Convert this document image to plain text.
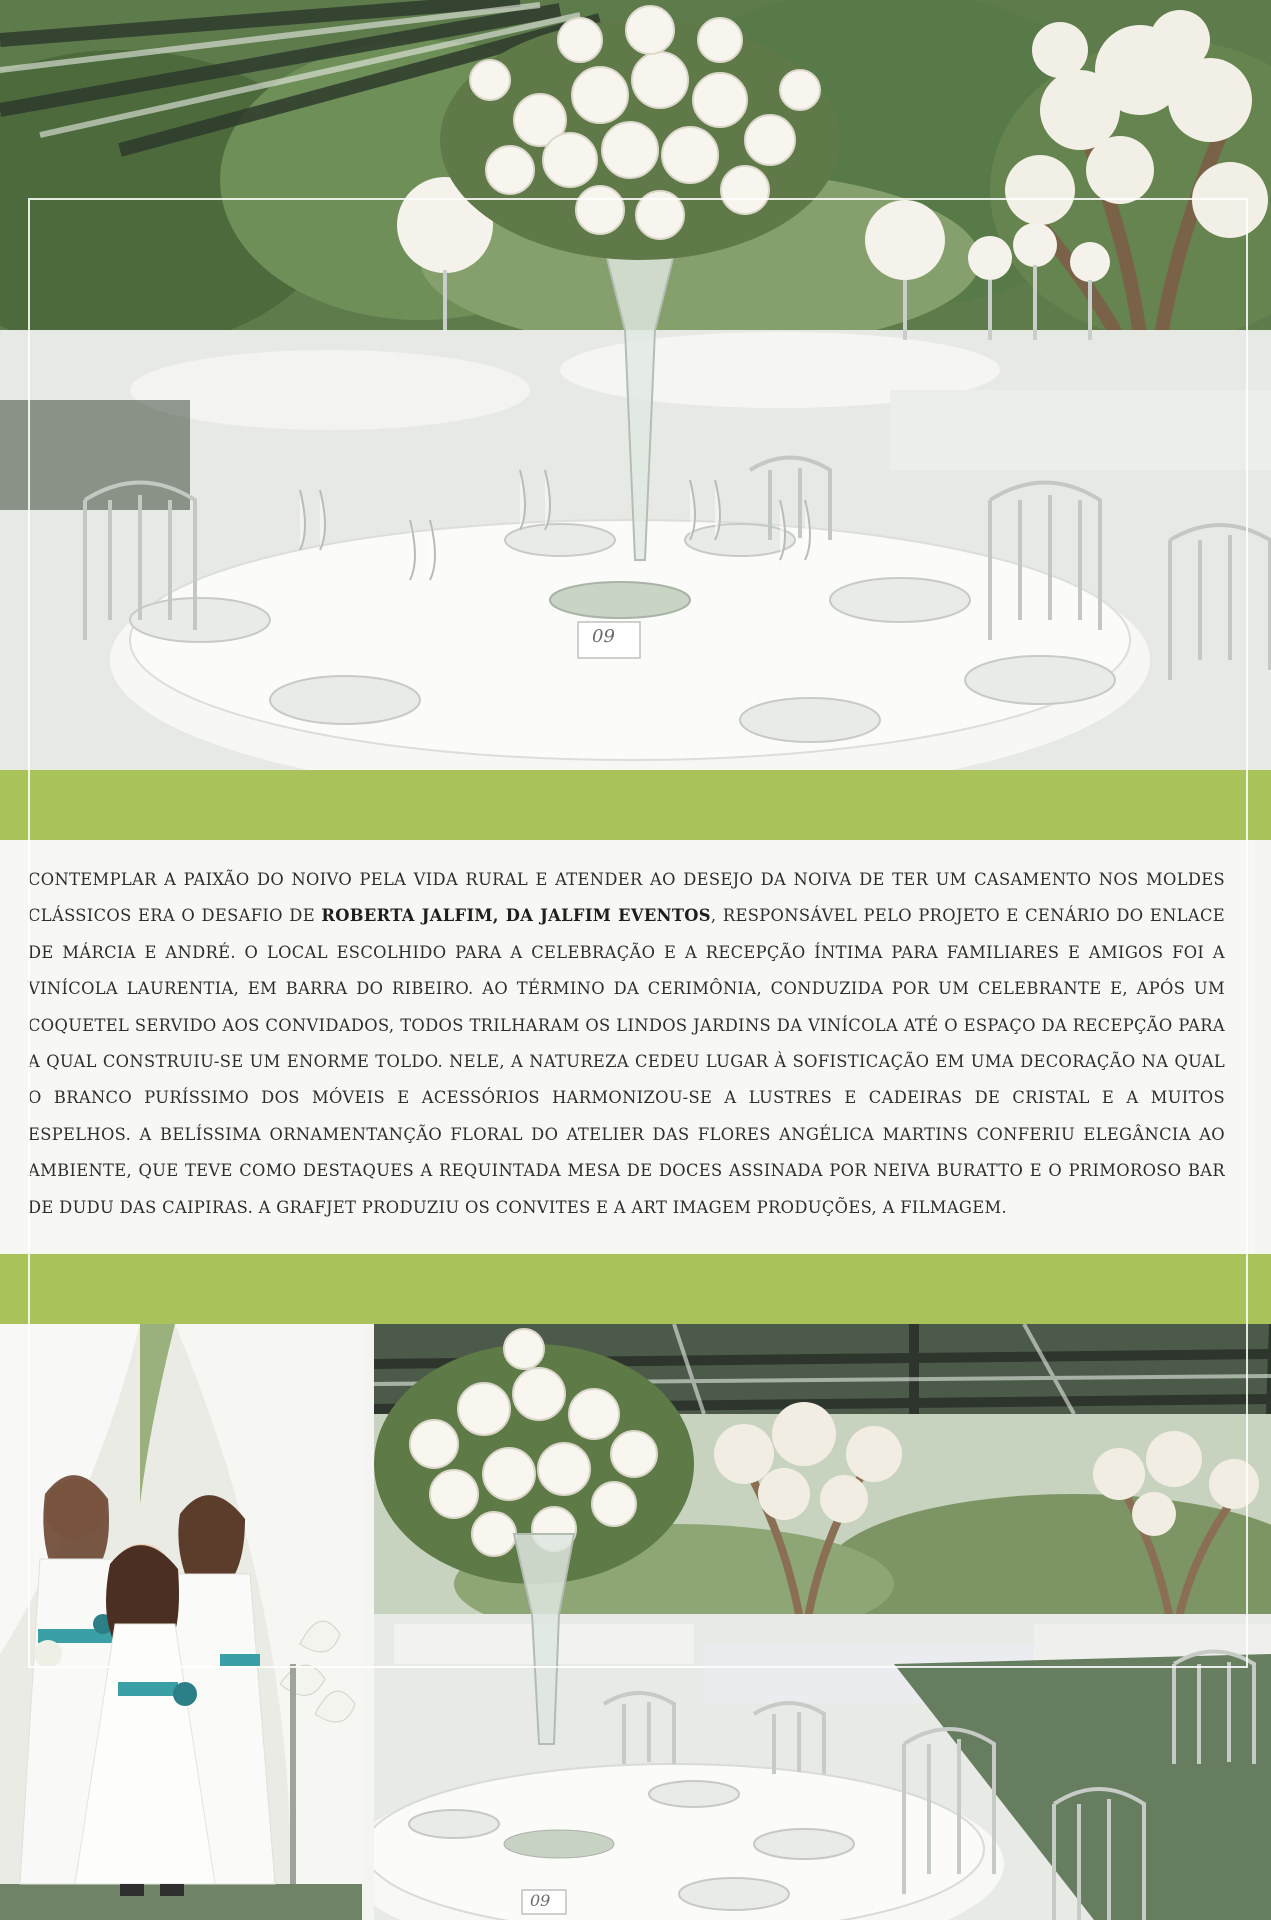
09

CONTEMPLAR A PAIXÃO DO NOIVO PELA VIDA RURAL E ATENDER AO DESEJO DA NOIVA DE TER UM CASAMENTO NOS MOLDES CLÁSSICOS ERA O DESAFIO DE ROBERTA JALFIM, DA JALFIM EVENTOS, RESPONSÁVEL PELO PROJETO E CENÁRIO DO ENLACE DE MÁRCIA E ANDRÉ. O LOCAL ESCOLHIDO PARA A CELEBRAÇÃO E A RECEPÇÃO ÍNTIMA PARA FAMILIARES E AMIGOS FOI A VINÍCOLA LAURENTIA, EM BARRA DO RIBEIRO. AO TÉRMINO DA CERIMÔNIA, CONDUZIDA POR UM CELEBRANTE E, APÓS UM COQUETEL SERVIDO AOS CONVIDADOS, TODOS TRILHARAM OS LINDOS JARDINS DA VINÍCOLA ATÉ O ESPAÇO DA RECEPÇÃO PARA A QUAL CONSTRUIU-SE UM ENORME TOLDO. NELE, A NATUREZA CEDEU LUGAR À SOFISTICAÇÃO EM UMA DECORAÇÃO NA QUAL O BRANCO PURÍSSIMO DOS MÓVEIS E ACESSÓRIOS HARMONIZOU-SE A LUSTRES E CADEIRAS DE CRISTAL E A MUITOS ESPELHOS. A BELÍSSIMA ORNAMENTANÇÃO FLORAL DO ATELIER DAS FLORES ANGÉLICA MARTINS CONFERIU ELEGÂNCIA AO AMBIENTE, QUE TEVE COMO DESTAQUES A REQUINTADA MESA DE DOCES ASSINADA POR NEIVA BURATTO E O PRIMOROSO BAR DE DUDU DAS CAIPIRAS. A GRAFJET PRODUZIU OS CONVITES E A ART IMAGEM PRODUÇÕES, A FILMAGEM.

09
